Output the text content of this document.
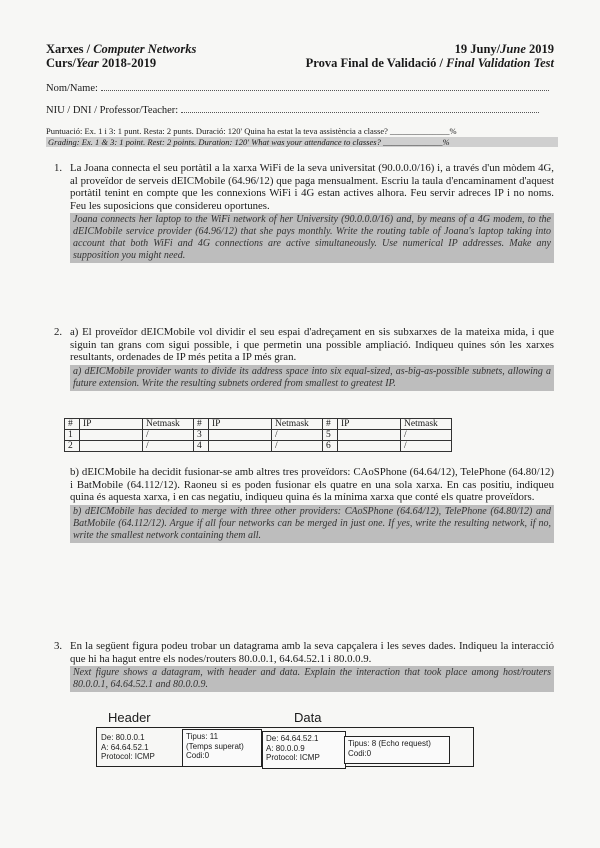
Xarxes / Computer Networks
Curs/Year 2018-2019
19 Juny/June 2019
Prova Final de Validació / Final Validation Test
Nom/Name:
NIU / DNI / Professor/Teacher:
Puntuació: Ex. 1 i 3: 1 punt. Resta: 2 punts. Duració: 120' Quina ha estat la teva assistència a classe? ______________%
Grading: Ex. 1 & 3: 1 point. Rest: 2 points. Duration: 120' What was your attendance to classes? ______________%
1. La Joana connecta el seu portàtil a la xarxa WiFi de la seva universitat (90.0.0.0/16) i, a través d'un mòdem 4G, al proveïdor de serveis dEICMobile (64.96/12) que paga mensualment. Escriu la taula d'encaminament d'aquest portàtil tenint en compte que les connexions WiFi i 4G estan actives alhora. Feu servir adreces IP i no noms. Feu les suposicions que considereu oportunes.
Joana connects her laptop to the WiFi network of her University (90.0.0.0/16) and, by means of a 4G modem, to the dEICMobile service provider (64.96/12) that she pays monthly. Write the routing table of Joana's laptop taking into account that both WiFi and 4G connections are active simultaneously. Use numerical IP addresses. Make any supposition you might need.
2. a) El proveïdor dEICMobile vol dividir el seu espai d'adreçament en sis subxarxes de la mateixa mida, i que siguin tan grans com sigui possible, i que permetin una possible ampliació. Indiqueu quines són les xarxes resultants, ordenades de IP més petita a IP més gran.
a) dEICMobile provider wants to divide its address space into six equal-sized, as-big-as-possible subnets, allowing a future extension. Write the resulting subnets ordered from smallest to greatest IP.
#	IP	Netmask	#	IP	Netmask	#	IP	Netmask
1		/	3		/	5		/
2		/	4		/	6		/
b) dEICMobile ha decidit fusionar-se amb altres tres proveïdors: CAoSPhone (64.64/12), TelePhone (64.80/12) i BatMobile (64.112/12). Raoneu si es poden fusionar els quatre en una sola xarxa. En cas positiu, indiqueu quina és aquesta xarxa, i en cas negatiu, indiqueu quina és la mínima xarxa que conté els quatre proveïdors.
b) dEICMobile has decided to merge with three other providers: CAoSPhone (64.64/12), TelePhone (64.80/12) and BatMobile (64.112/12). Argue if all four networks can be merged in just one. If yes, write the resulting network, if no, write the smallest network containing them all.
3. En la següent figura podeu trobar un datagrama amb la seva capçalera i les seves dades. Indiqueu la interacció que hi ha hagut entre els nodes/routers 80.0.0.1, 64.64.52.1 i 80.0.0.9.
Next figure shows a datagram, with header and data. Explain the interaction that took place among host/routers 80.0.0.1, 64.64.52.1 and 80.0.0.9.
Header	Data
De: 80.0.0.1
A: 64.64.52.1
Protocol: ICMP
Tipus: 11
(Temps superat)
Codi:0
De: 64.64.52.1
A: 80.0.0.9
Protocol: ICMP
Tipus: 8 (Echo request)
Codi:0
